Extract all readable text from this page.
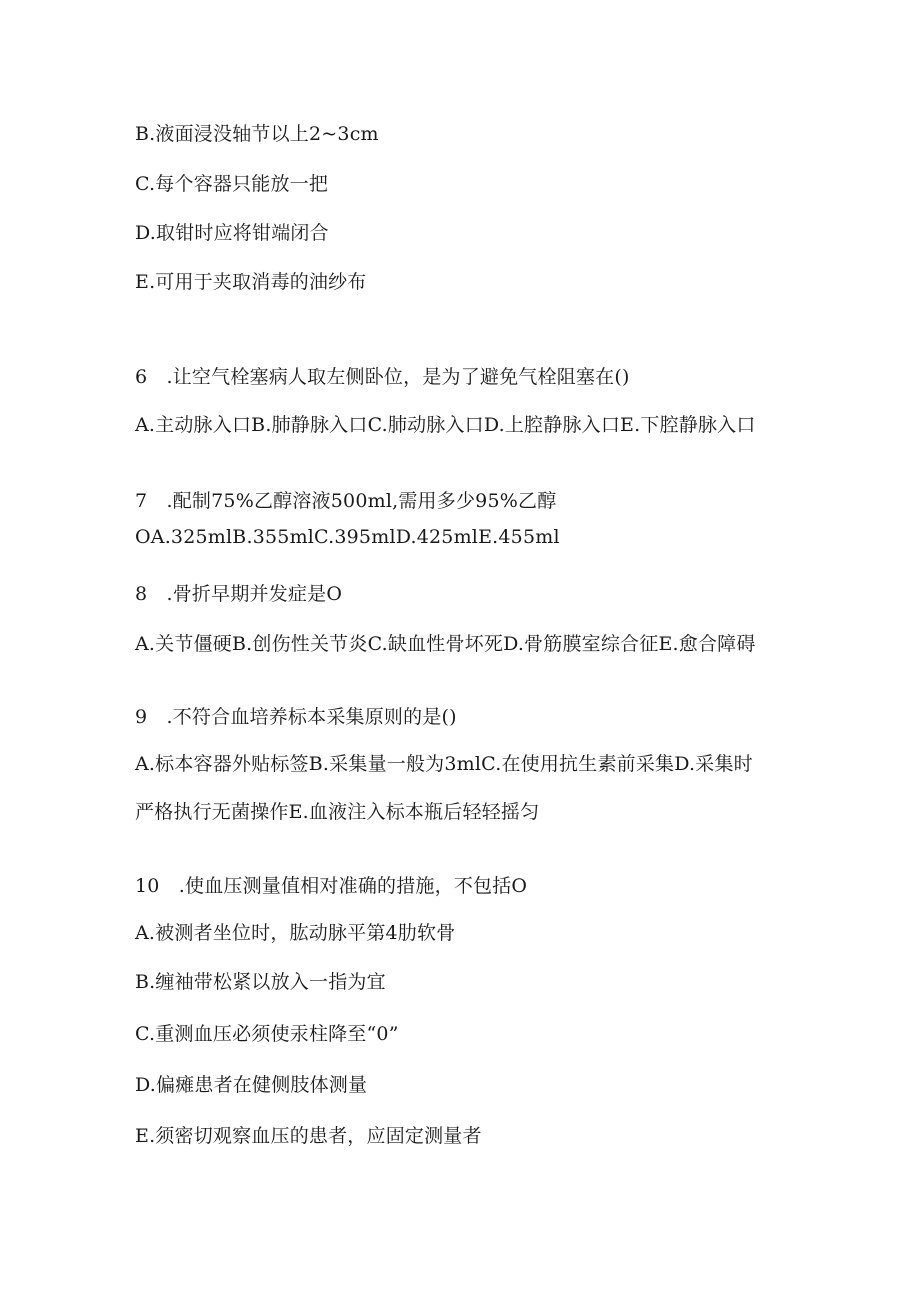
B.液面浸没轴节以上2~3cm
C.每个容器只能放一把
D.取钳时应将钳端闭合
E.可用于夹取消毒的油纱布
6　.让空气栓塞病人取左侧卧位，是为了避免气栓阻塞在()
A.主动脉入口B.肺静脉入口C.肺动脉入口D.上腔静脉入口E.下腔静脉入口
7　.配制75%乙醇溶液500ml,需用多少95%乙醇
OA.325mlB.355mlC.395mlD.425mlE.455ml
8　.骨折早期并发症是O
A.关节僵硬B.创伤性关节炎C.缺血性骨坏死D.骨筋膜室综合征E.愈合障碍
9　.不符合血培养标本采集原则的是()
A.标本容器外贴标签B.采集量一般为3mlC.在使用抗生素前采集D.采集时
严格执行无菌操作E.血液注入标本瓶后轻轻摇匀
10　.使血压测量值相对准确的措施，不包括O
A.被测者坐位时，肱动脉平第4肋软骨
B.缠袖带松紧以放入一指为宜
C.重测血压必须使汞柱降至“0”
D.偏瘫患者在健侧肢体测量
E.须密切观察血压的患者，应固定测量者
